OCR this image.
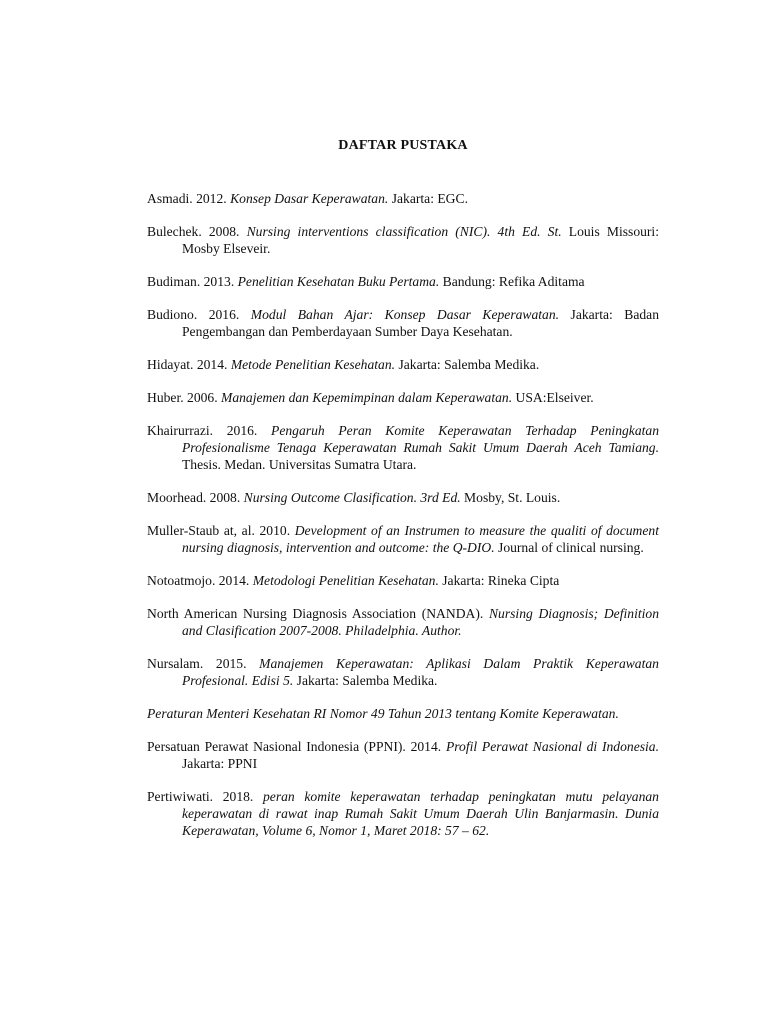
DAFTAR PUSTAKA

Asmadi. 2012. Konsep Dasar Keperawatan. Jakarta: EGC.

Bulechek. 2008. Nursing interventions classification (NIC). 4th Ed. St. Louis Missouri: Mosby Elseveir.

Budiman. 2013. Penelitian Kesehatan Buku Pertama. Bandung: Refika Aditama

Budiono. 2016. Modul Bahan Ajar: Konsep Dasar Keperawatan. Jakarta: Badan Pengembangan dan Pemberdayaan Sumber Daya Kesehatan.

Hidayat. 2014. Metode Penelitian Kesehatan. Jakarta: Salemba Medika.

Huber. 2006. Manajemen dan Kepemimpinan dalam Keperawatan. USA:Elseiver.

Khairurrazi. 2016. Pengaruh Peran Komite Keperawatan Terhadap Peningkatan Profesionalisme Tenaga Keperawatan Rumah Sakit Umum Daerah Aceh Tamiang. Thesis. Medan. Universitas Sumatra Utara.

Moorhead. 2008. Nursing Outcome Clasification. 3rd Ed. Mosby, St. Louis.

Muller-Staub at, al. 2010. Development of an Instrumen to measure the qualiti of document nursing diagnosis, intervention and outcome: the Q-DIO. Journal of clinical nursing.

Notoatmojo. 2014. Metodologi Penelitian Kesehatan. Jakarta: Rineka Cipta

North American Nursing Diagnosis Association (NANDA). Nursing Diagnosis; Definition and Clasification 2007-2008. Philadelphia. Author.

Nursalam. 2015. Manajemen Keperawatan: Aplikasi Dalam Praktik Keperawatan Profesional. Edisi 5. Jakarta: Salemba Medika.

Peraturan Menteri Kesehatan RI Nomor 49 Tahun 2013 tentang Komite Keperawatan.

Persatuan Perawat Nasional Indonesia (PPNI). 2014. Profil Perawat Nasional di Indonesia. Jakarta: PPNI

Pertiwiwati. 2018. peran komite keperawatan terhadap peningkatan mutu pelayanan keperawatan di rawat inap Rumah Sakit Umum Daerah Ulin Banjarmasin. Dunia Keperawatan, Volume 6, Nomor 1, Maret 2018: 57 – 62.
